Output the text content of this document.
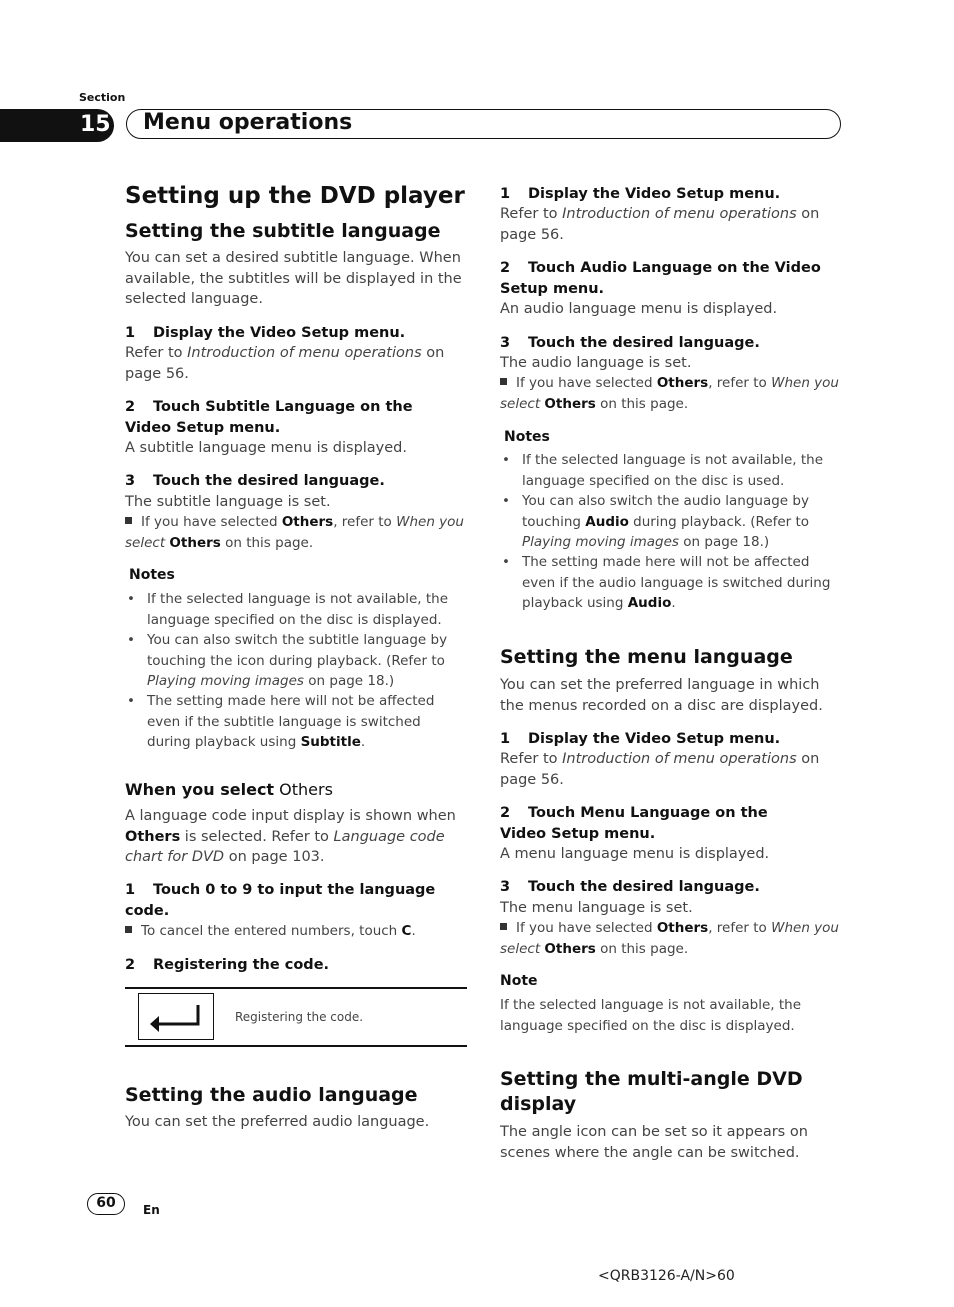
Section
15 Menu operations
Setting up the DVD player
Setting the subtitle language
You can set a desired subtitle language. When available, the subtitles will be displayed in the selected language.
1 Display the Video Setup menu.
Refer to Introduction of menu operations on page 56.
2 Touch Subtitle Language on the Video Setup menu.
A subtitle language menu is displayed.
3 Touch the desired language.
The subtitle language is set.
If you have selected Others, refer to When you select Others on this page.
Notes
• If the selected language is not available, the language specified on the disc is displayed.
• You can also switch the subtitle language by touching the icon during playback. (Refer to Playing moving images on page 18.)
• The setting made here will not be affected even if the subtitle language is switched during playback using Subtitle.
When you select Others
A language code input display is shown when Others is selected. Refer to Language code chart for DVD on page 103.
1 Touch 0 to 9 to input the language code.
To cancel the entered numbers, touch C.
2 Registering the code.
Registering the code.
Setting the audio language
You can set the preferred audio language.
1 Display the Video Setup menu.
Refer to Introduction of menu operations on page 56.
2 Touch Audio Language on the Video Setup menu.
An audio language menu is displayed.
3 Touch the desired language.
The audio language is set.
If you have selected Others, refer to When you select Others on this page.
Notes
• If the selected language is not available, the language specified on the disc is used.
• You can also switch the audio language by touching Audio during playback. (Refer to Playing moving images on page 18.)
• The setting made here will not be affected even if the audio language is switched during playback using Audio.
Setting the menu language
You can set the preferred language in which the menus recorded on a disc are displayed.
1 Display the Video Setup menu.
Refer to Introduction of menu operations on page 56.
2 Touch Menu Language on the Video Setup menu.
A menu language menu is displayed.
3 Touch the desired language.
The menu language is set.
If you have selected Others, refer to When you select Others on this page.
Note
If the selected language is not available, the language specified on the disc is displayed.
Setting the multi-angle DVD display
The angle icon can be set so it appears on scenes where the angle can be switched.
60	En
<QRB3126-A/N>60
